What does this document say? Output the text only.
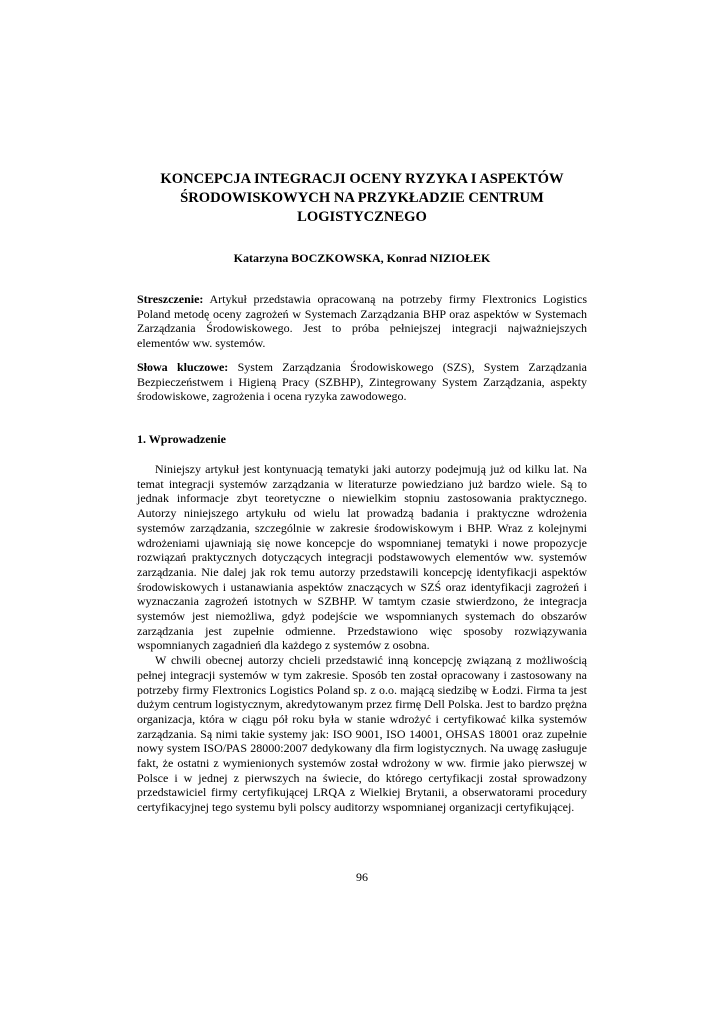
KONCEPCJA INTEGRACJI OCENY RYZYKA I ASPEKTÓW ŚRODOWISKOWYCH NA PRZYKŁADZIE CENTRUM LOGISTYCZNEGO

Katarzyna BOCZKOWSKA, Konrad NIZIOŁEK

Streszczenie: Artykuł przedstawia opracowaną na potrzeby firmy Flextronics Logistics Poland metodę oceny zagrożeń w Systemach Zarządzania BHP oraz aspektów w Systemach Zarządzania Środowiskowego. Jest to próba pełniejszej integracji najważniejszych elementów ww. systemów.

Słowa kluczowe: System Zarządzania Środowiskowego (SZS), System Zarządzania Bezpieczeństwem i Higieną Pracy (SZBHP), Zintegrowany System Zarządzania, aspekty środowiskowe, zagrożenia i ocena ryzyka zawodowego.

1. Wprowadzenie

Niniejszy artykuł jest kontynuacją tematyki jaki autorzy podejmują już od kilku lat. Na temat integracji systemów zarządzania w literaturze powiedziano już bardzo wiele. Są to jednak informacje zbyt teoretyczne o niewielkim stopniu zastosowania praktycznego. Autorzy niniejszego artykułu od wielu lat prowadzą badania i praktyczne wdrożenia systemów zarządzania, szczególnie w zakresie środowiskowym i BHP. Wraz z kolejnymi wdrożeniami ujawniają się nowe koncepcje do wspomnianej tematyki i nowe propozycje rozwiązań praktycznych dotyczących integracji podstawowych elementów ww. systemów zarządzania. Nie dalej jak rok temu autorzy przedstawili koncepcję identyfikacji aspektów środowiskowych i ustanawiania aspektów znaczących w SZŚ oraz identyfikacji zagrożeń i wyznaczania zagrożeń istotnych w SZBHP. W tamtym czasie stwierdzono, że integracja systemów jest niemożliwa, gdyż podejście we wspomnianych systemach do obszarów zarządzania jest zupełnie odmienne. Przedstawiono więc sposoby rozwiązywania wspomnianych zagadnień dla każdego z systemów z osobna.

W chwili obecnej autorzy chcieli przedstawić inną koncepcję związaną z możliwością pełnej integracji systemów w tym zakresie. Sposób ten został opracowany i zastosowany na potrzeby firmy Flextronics Logistics Poland sp. z o.o. mającą siedzibę w Łodzi. Firma ta jest dużym centrum logistycznym, akredytowanym przez firmę Dell Polska. Jest to bardzo prężna organizacja, która w ciągu pół roku była w stanie wdrożyć i certyfikować kilka systemów zarządzania. Są nimi takie systemy jak: ISO 9001, ISO 14001, OHSAS 18001 oraz zupełnie nowy system ISO/PAS 28000:2007 dedykowany dla firm logistycznych. Na uwagę zasługuje fakt, że ostatni z wymienionych systemów został wdrożony w ww. firmie jako pierwszej w Polsce i w jednej z pierwszych na świecie, do którego certyfikacji został sprowadzony przedstawiciel firmy certyfikującej LRQA z Wielkiej Brytanii, a obserwatorami procedury certyfikacyjnej tego systemu byli polscy auditorzy wspomnianej organizacji certyfikującej.

96
